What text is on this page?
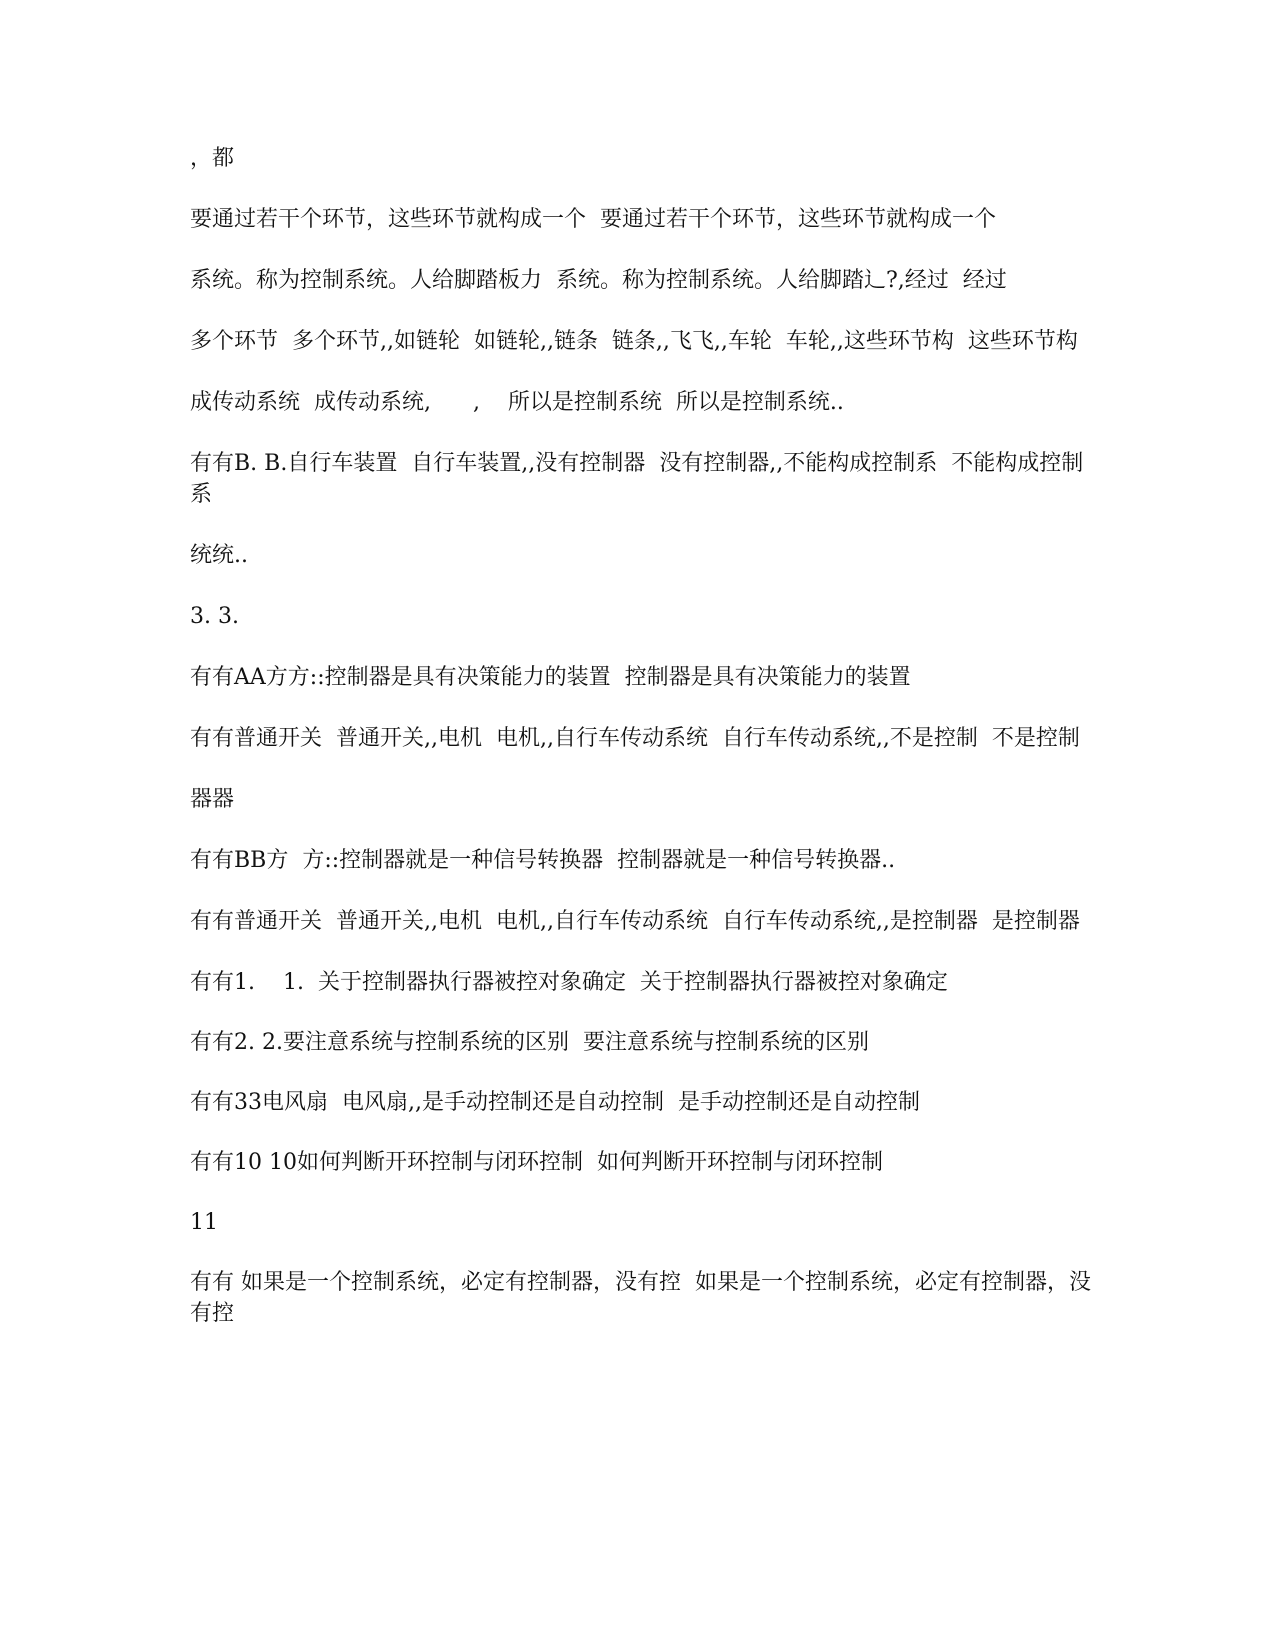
，都

要通过若干个环节，这些环节就构成一个  要通过若干个环节，这些环节就构成一个

系统。称为控制系统。人给脚踏板力  系统。称为控制系统。人给脚踏辶?,经过  经过

多个环节  多个环节,,如链轮  如链轮,,链条  链条,,飞飞,,车轮  车轮,,这些环节构  这些环节构

成传动系统  成传动系统,      ,    所以是控制系统  所以是控制系统..

有有B. B.自行车装置  自行车装置,,没有控制器  没有控制器,,不能构成控制系  不能构成控制系

统统..

3. 3.

有有AA方方::控制器是具有决策能力的装置  控制器是具有决策能力的装置

有有普通开关  普通开关,,电机  电机,,自行车传动系统  自行车传动系统,,不是控制  不是控制

器器

有有BB方  方::控制器就是一种信号转换器  控制器就是一种信号转换器..

有有普通开关  普通开关,,电机  电机,,自行车传动系统  自行车传动系统,,是控制器  是控制器

有有1.    1.  关于控制器执行器被控对象确定  关于控制器执行器被控对象确定

有有2. 2.要注意系统与控制系统的区别  要注意系统与控制系统的区别

有有33电风扇  电风扇,,是手动控制还是自动控制  是手动控制还是自动控制

有有10 10如何判断开环控制与闭环控制  如何判断开环控制与闭环控制

11

有有 如果是一个控制系统，必定有控制器，没有控  如果是一个控制系统，必定有控制器，没有控
